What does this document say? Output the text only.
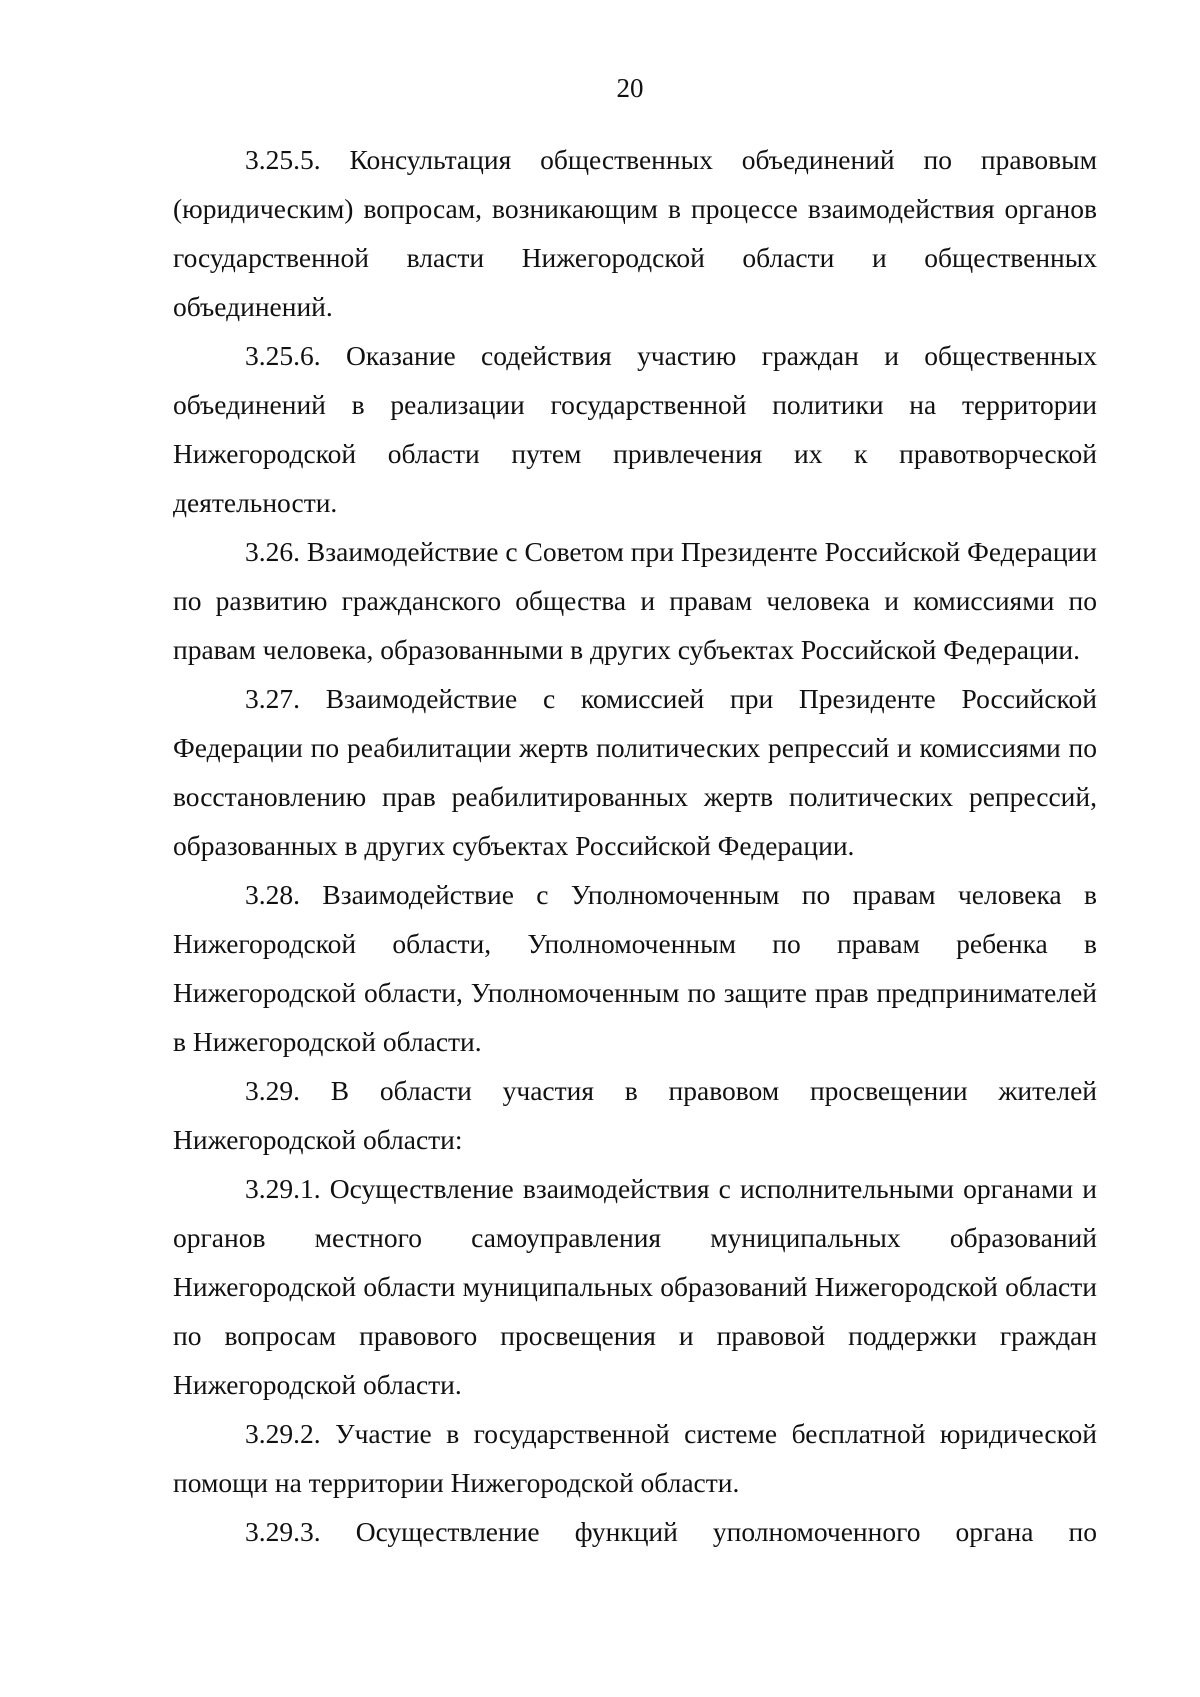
20

3.25.5. Консультация общественных объединений по правовым (юридическим) вопросам, возникающим в процессе взаимодействия органов государственной власти Нижегородской области и общественных объединений.

3.25.6. Оказание содействия участию граждан и общественных объединений в реализации государственной политики на территории Нижегородской области путем привлечения их к правотворческой деятельности.

3.26. Взаимодействие с Советом при Президенте Российской Федерации по развитию гражданского общества и правам человека и комиссиями по правам человека, образованными в других субъектах Российской Федерации.

3.27. Взаимодействие с комиссией при Президенте Российской Федерации по реабилитации жертв политических репрессий и комиссиями по восстановлению прав реабилитированных жертв политических репрессий, образованных в других субъектах Российской Федерации.

3.28. Взаимодействие с Уполномоченным по правам человека в Нижегородской области, Уполномоченным по правам ребенка в Нижегородской области, Уполномоченным по защите прав предпринимателей в Нижегородской области.

3.29. В области участия в правовом просвещении жителей Нижегородской области:

3.29.1. Осуществление взаимодействия с исполнительными органами и органов местного самоуправления муниципальных образований Нижегородской области муниципальных образований Нижегородской области по вопросам правового просвещения и правовой поддержки граждан Нижегородской области.

3.29.2. Участие в государственной системе бесплатной юридической помощи на территории Нижегородской области.

3.29.3. Осуществление функций уполномоченного органа по
